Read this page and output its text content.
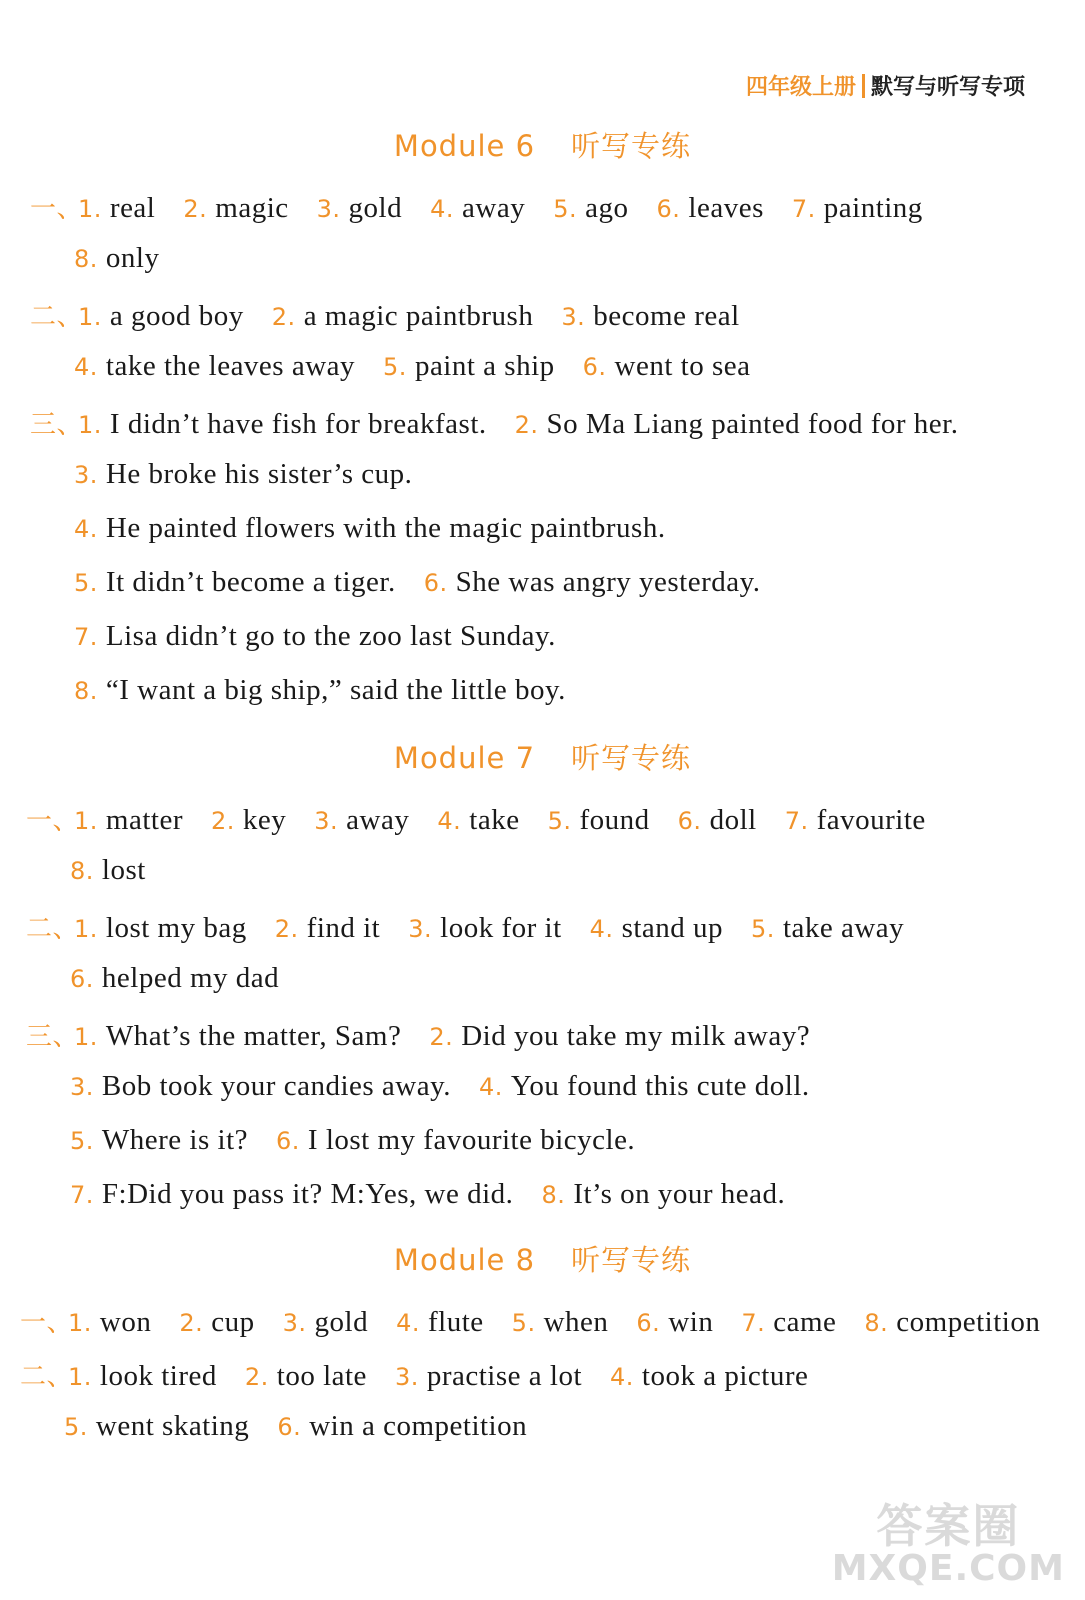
四年级上册 默写与听写专项
Module 6 听写专练
一、1. real 2. magic 3. gold 4. away 5. ago 6. leaves 7. painting
8. only
二、1. a good boy 2. a magic paintbrush 3. become real
4. take the leaves away 5. paint a ship 6. went to sea
三、1. I didn’t have fish for breakfast. 2. So Ma Liang painted food for her.
3. He broke his sister’s cup.
4. He painted flowers with the magic paintbrush.
5. It didn’t become a tiger. 6. She was angry yesterday.
7. Lisa didn’t go to the zoo last Sunday.
8. “I want a big ship,” said the little boy.
Module 7 听写专练
一、1. matter 2. key 3. away 4. take 5. found 6. doll 7. favourite
8. lost
二、1. lost my bag 2. find it 3. look for it 4. stand up 5. take away
6. helped my dad
三、1. What’s the matter, Sam? 2. Did you take my milk away?
3. Bob took your candies away. 4. You found this cute doll.
5. Where is it? 6. I lost my favourite bicycle.
7. F:Did you pass it? M:Yes, we did. 8. It’s on your head.
Module 8 听写专练
一、1. won 2. cup 3. gold 4. flute 5. when 6. win 7. came 8. competition
二、1. look tired 2. too late 3. practise a lot 4. took a picture
5. went skating 6. win a competition
答案圈
MXQE.COM
